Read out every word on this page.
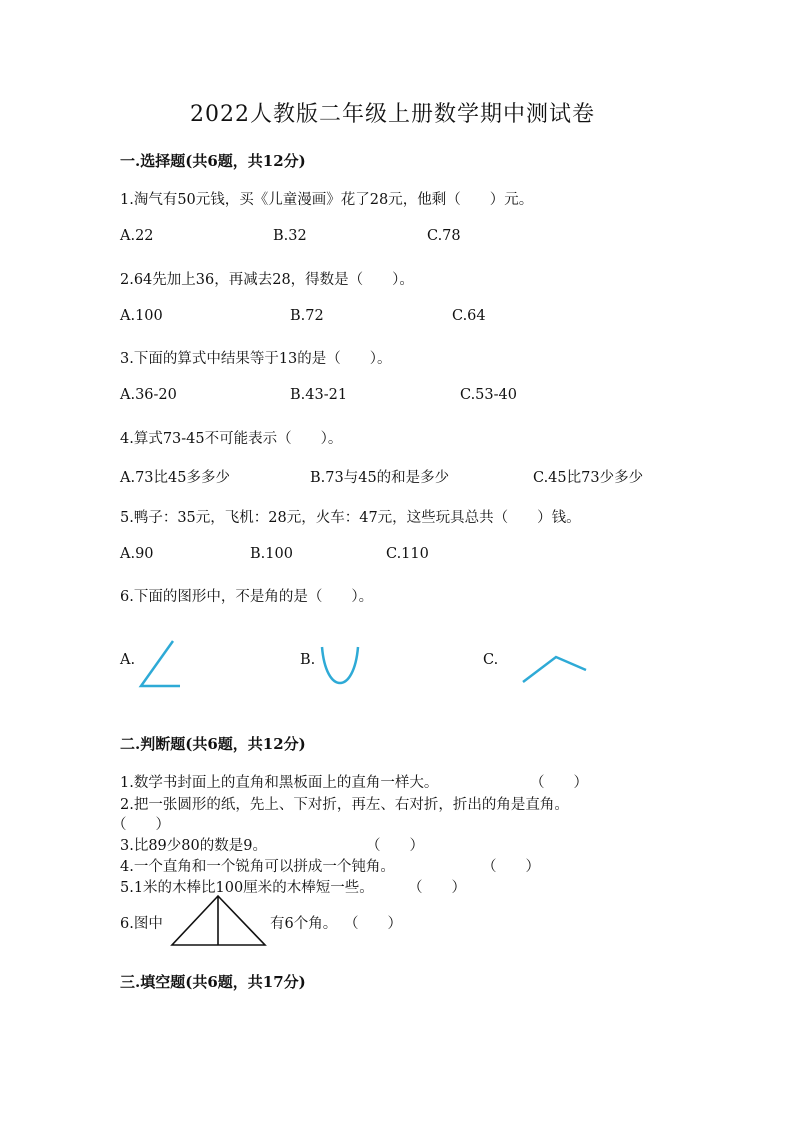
2022人教版二年级上册数学期中测试卷
一.选择题(共6题，共12分)
1.淘气有50元钱，买《儿童漫画》花了28元，他剩（　　）元。
A.22	B.32	C.78
2.64先加上36，再减去28，得数是（　　）。
A.100	B.72	C.64
3.下面的算式中结果等于13的是（　　）。
A.36-20	B.43-21	C.53-40
4.算式73-45不可能表示（　　）。
A.73比45多多少	B.73与45的和是多少	C.45比73少多少
5.鸭子：35元，飞机：28元，火车：47元，这些玩具总共（　　）钱。
A.90	B.100	C.110
6.下面的图形中，不是角的是（　　）。
A.	B.	C.
二.判断题(共6题，共12分)
1.数学书封面上的直角和黑板面上的直角一样大。	（　　）
2.把一张圆形的纸，先上、下对折，再左、右对折，折出的角是直角。
（　　）
3.比89少80的数是9。	（　　）
4.一个直角和一个锐角可以拼成一个钝角。	（　　）
5.1米的木棒比100厘米的木棒短一些。 （　　）
6.图中	有6个角。 （　　）
三.填空题(共6题，共17分)
